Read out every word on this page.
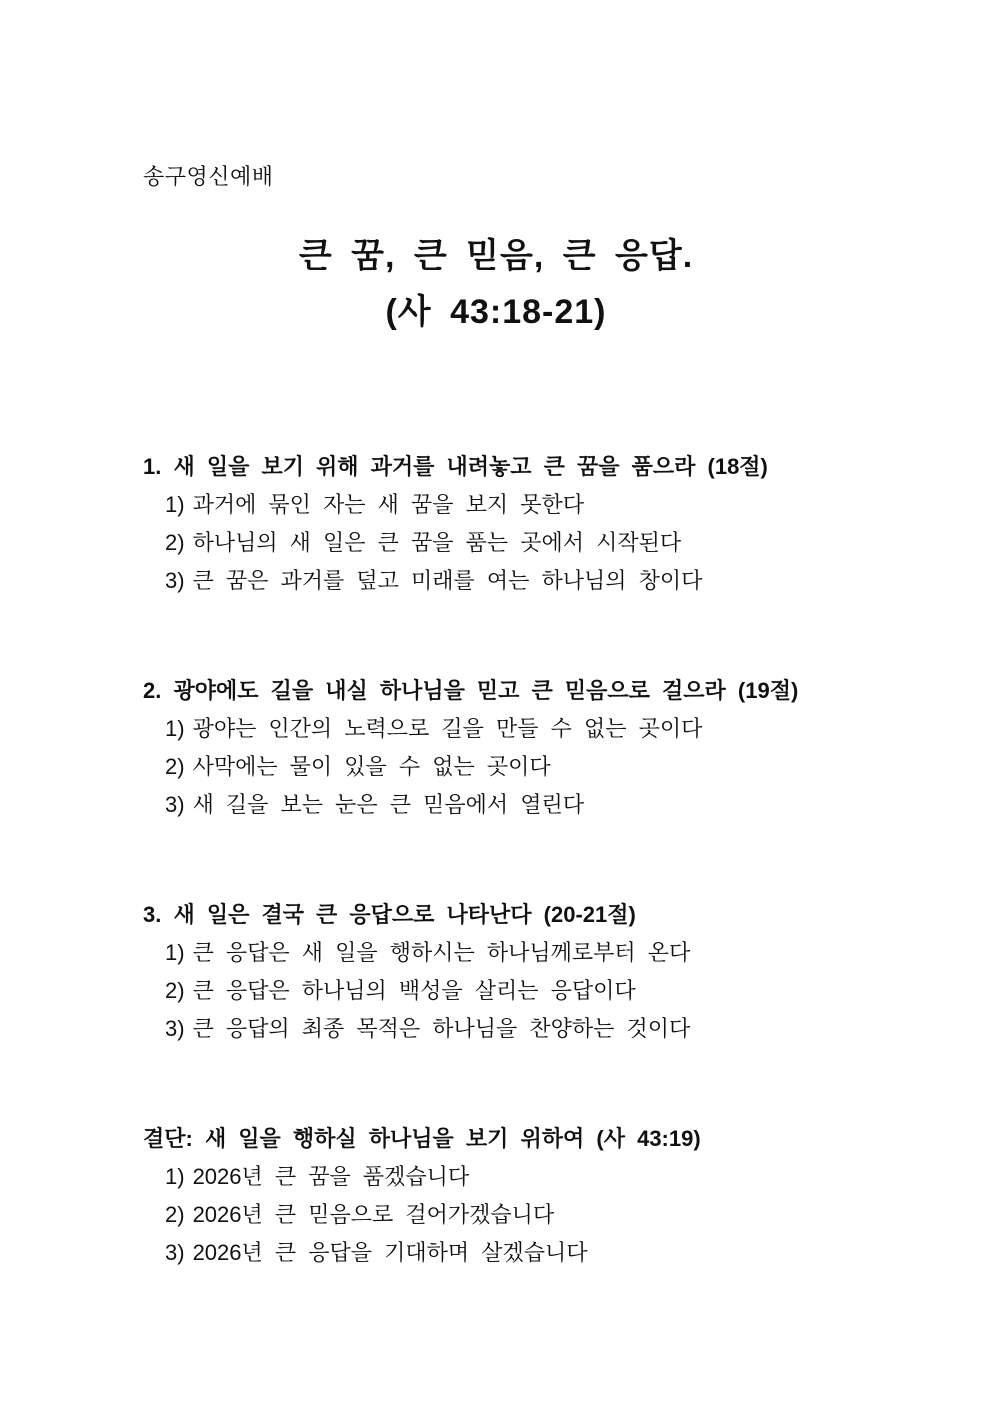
송구영신예배
큰 꿈, 큰 믿음, 큰 응답.
(사 43:18-21)
1. 새 일을 보기 위해 과거를 내려놓고 큰 꿈을 품으라 (18절)
1) 과거에 묶인 자는 새 꿈을 보지 못한다
2) 하나님의 새 일은 큰 꿈을 품는 곳에서 시작된다
3) 큰 꿈은 과거를 덮고 미래를 여는 하나님의 창이다
2. 광야에도 길을 내실 하나님을 믿고 큰 믿음으로 걸으라 (19절)
1) 광야는 인간의 노력으로 길을 만들 수 없는 곳이다
2) 사막에는 물이 있을 수 없는 곳이다
3) 새 길을 보는 눈은 큰 믿음에서 열린다
3. 새 일은 결국 큰 응답으로 나타난다 (20-21절)
1) 큰 응답은 새 일을 행하시는 하나님께로부터 온다
2) 큰 응답은 하나님의 백성을 살리는 응답이다
3) 큰 응답의 최종 목적은 하나님을 찬양하는 것이다
결단: 새 일을 행하실 하나님을 보기 위하여 (사 43:19)
1) 2026년 큰 꿈을 품겠습니다
2) 2026년 큰 믿음으로 걸어가겠습니다
3) 2026년 큰 응답을 기대하며 살겠습니다
